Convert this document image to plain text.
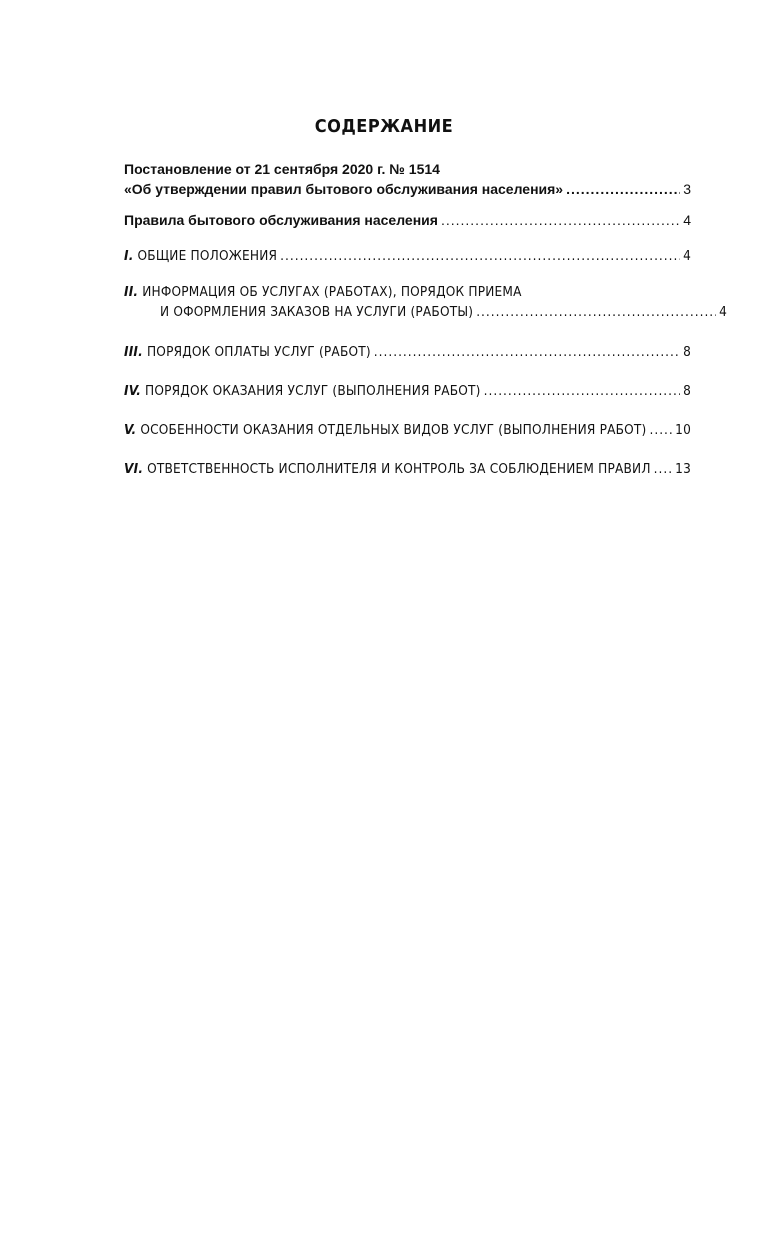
СОДЕРЖАНИЕ
Постановление от 21 сентября 2020 г. № 1514
«Об утверждении правил бытового обслуживания населения» .....	3
Правила бытового обслуживания населения .....	4
I. ОБЩИЕ ПОЛОЖЕНИЯ .....	4
II. ИНФОРМАЦИЯ ОБ УСЛУГАХ (РАБОТАХ), ПОРЯДОК ПРИЕМА
И ОФОРМЛЕНИЯ ЗАКАЗОВ НА УСЛУГИ (РАБОТЫ) .....	4
III. ПОРЯДОК ОПЛАТЫ УСЛУГ (РАБОТ) .....	8
IV. ПОРЯДОК ОКАЗАНИЯ УСЛУГ (ВЫПОЛНЕНИЯ РАБОТ) .....	8
V. ОСОБЕННОСТИ ОКАЗАНИЯ ОТДЕЛЬНЫХ ВИДОВ УСЛУГ (ВЫПОЛНЕНИЯ РАБОТ) ..... 10
VI. ОТВЕТСТВЕННОСТЬ ИСПОЛНИТЕЛЯ И КОНТРОЛЬ ЗА СОБЛЮДЕНИЕМ ПРАВИЛ ..... 13
